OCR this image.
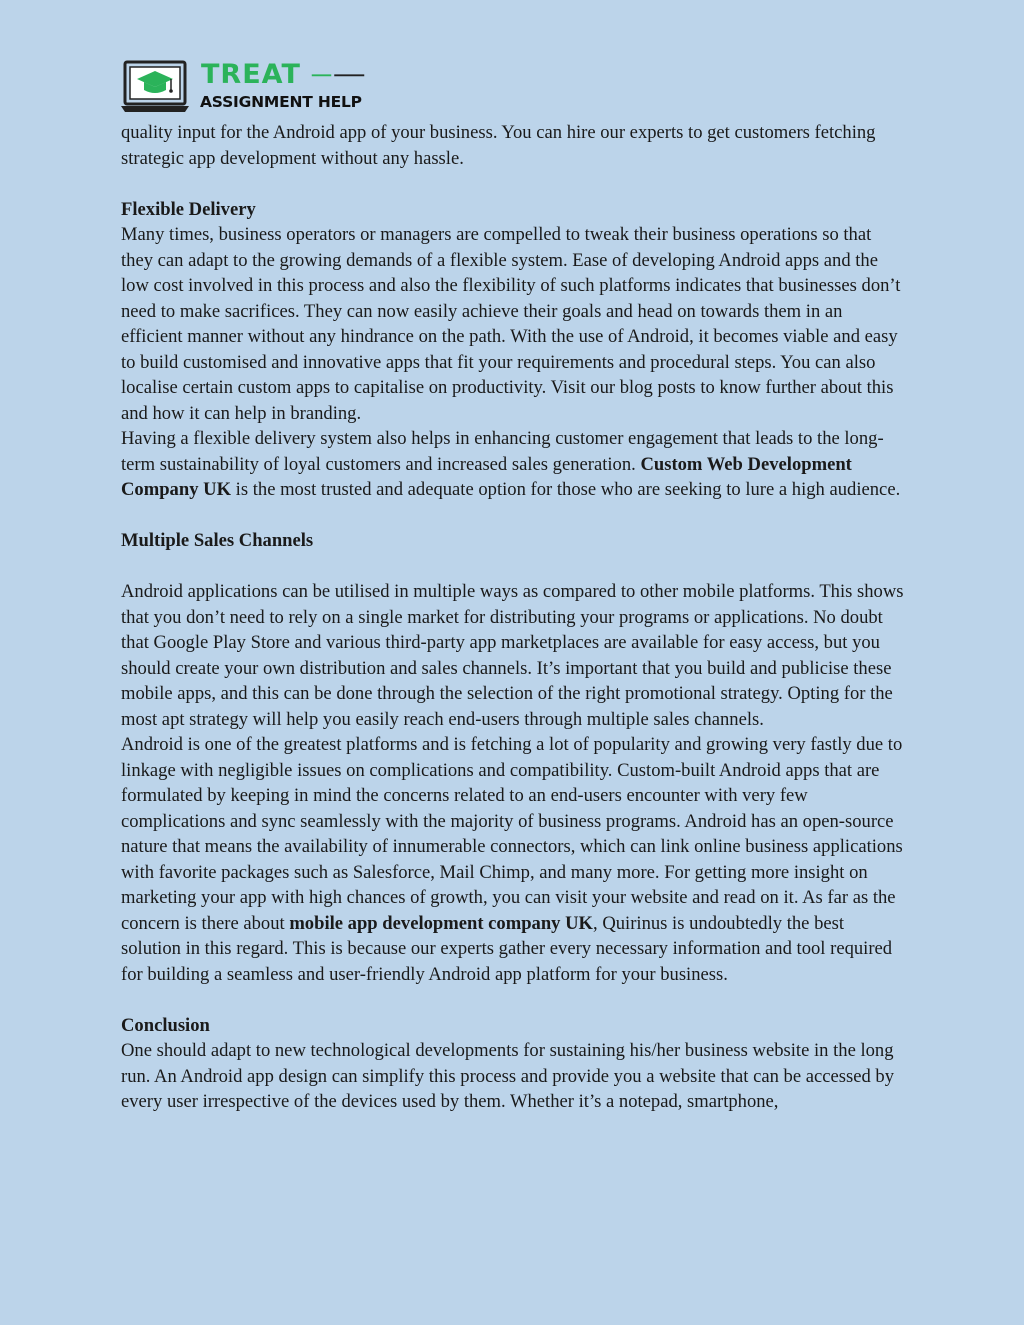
TREAT
ASSIGNMENT HELP

quality input for the Android app of your business. You can hire our experts to get customers fetching strategic app development without any hassle.

Flexible Delivery

Many times, business operators or managers are compelled to tweak their business operations so that they can adapt to the growing demands of a flexible system. Ease of developing Android apps and the low cost involved in this process and also the flexibility of such platforms indicates that businesses don’t need to make sacrifices. They can now easily achieve their goals and head on towards them in an efficient manner without any hindrance on the path. With the use of Android, it becomes viable and easy to build customised and innovative apps that fit your requirements and procedural steps. You can also localise certain custom apps to capitalise on productivity. Visit our blog posts to know further about this and how it can help in branding.

Having a flexible delivery system also helps in enhancing customer engagement that leads to the long-term sustainability of loyal customers and increased sales generation. Custom Web Development Company UK is the most trusted and adequate option for those who are seeking to lure a high audience.

Multiple Sales Channels

Android applications can be utilised in multiple ways as compared to other mobile platforms. This shows that you don’t need to rely on a single market for distributing your programs or applications. No doubt that Google Play Store and various third-party app marketplaces are available for easy access, but you should create your own distribution and sales channels. It’s important that you build and publicise these mobile apps, and this can be done through the selection of the right promotional strategy. Opting for the most apt strategy will help you easily reach end-users through multiple sales channels.

Android is one of the greatest platforms and is fetching a lot of popularity and growing very fastly due to linkage with negligible issues on complications and compatibility. Custom-built Android apps that are formulated by keeping in mind the concerns related to an end-users encounter with very few complications and sync seamlessly with the majority of business programs. Android has an open-source nature that means the availability of innumerable connectors, which can link online business applications with favorite packages such as Salesforce, Mail Chimp, and many more. For getting more insight on marketing your app with high chances of growth, you can visit your website and read on it. As far as the concern is there about mobile app development company UK, Quirinus is undoubtedly the best solution in this regard. This is because our experts gather every necessary information and tool required for building a seamless and user-friendly Android app platform for your business.

Conclusion

One should adapt to new technological developments for sustaining his/her business website in the long run. An Android app design can simplify this process and provide you a website that can be accessed by every user irrespective of the devices used by them. Whether it’s a notepad, smartphone,
